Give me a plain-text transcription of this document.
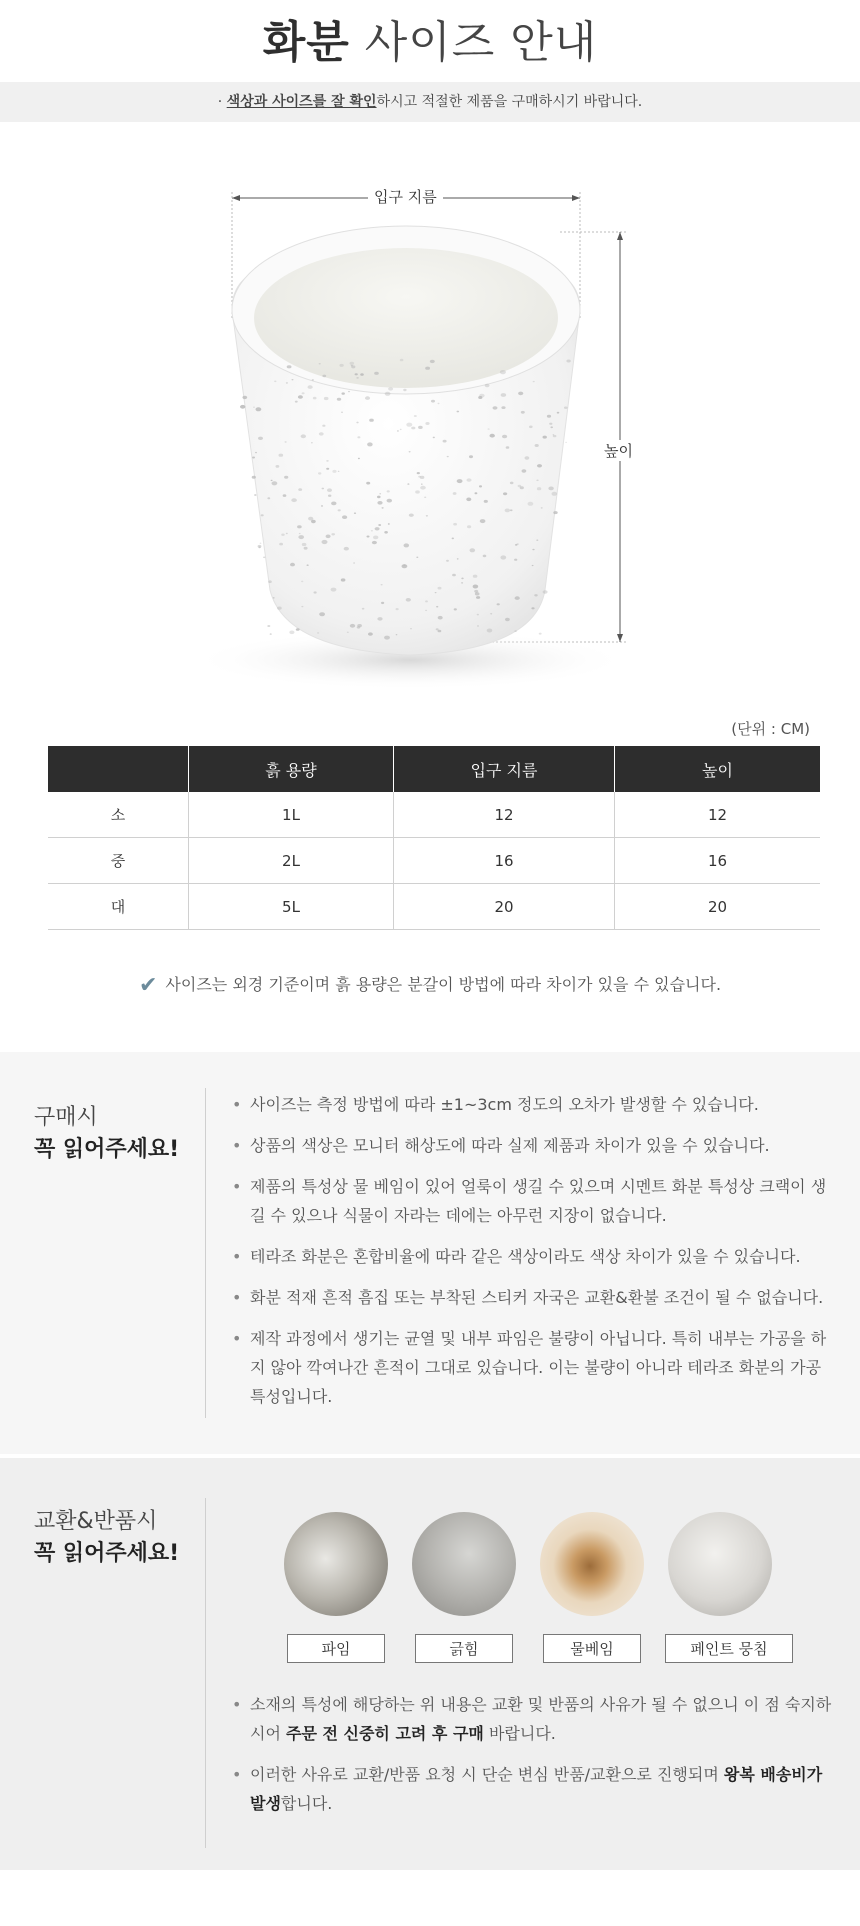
화분 사이즈 안내
· 색상과 사이즈를 잘 확인하시고 적절한 제품을 구매하시기 바랍니다.
입구 지름
높이
(단위 : CM)
	흙 용량	입구 지름	높이
소	1L	12	12
중	2L	16	16
대	5L	20	20
✔ 사이즈는 외경 기준이며 흙 용량은 분갈이 방법에 따라 차이가 있을 수 있습니다.
구매시
꼭 읽어주세요!
• 사이즈는 측정 방법에 따라 ±1~3cm 정도의 오차가 발생할 수 있습니다.
• 상품의 색상은 모니터 해상도에 따라 실제 제품과 차이가 있을 수 있습니다.
• 제품의 특성상 물 베임이 있어 얼룩이 생길 수 있으며 시멘트 화분 특성상 크랙이 생길 수 있으나 식물이 자라는 데에는 아무런 지장이 없습니다.
• 테라조 화분은 혼합비율에 따라 같은 색상이라도 색상 차이가 있을 수 있습니다.
• 화분 적재 흔적 흠집 또는 부착된 스티커 자국은 교환&환불 조건이 될 수 없습니다.
• 제작 과정에서 생기는 균열 및 내부 파임은 불량이 아닙니다. 특히 내부는 가공을 하지 않아 깍여나간 흔적이 그대로 있습니다. 이는 불량이 아니라 테라조 화분의 가공 특성입니다.
교환&반품시
꼭 읽어주세요!
파임	긁힘	물베임	페인트 뭉침
• 소재의 특성에 해당하는 위 내용은 교환 및 반품의 사유가 될 수 없으니 이 점 숙지하시어 주문 전 신중히 고려 후 구매 바랍니다.
• 이러한 사유로 교환/반품 요청 시 단순 변심 반품/교환으로 진행되며 왕복 배송비가 발생합니다.
